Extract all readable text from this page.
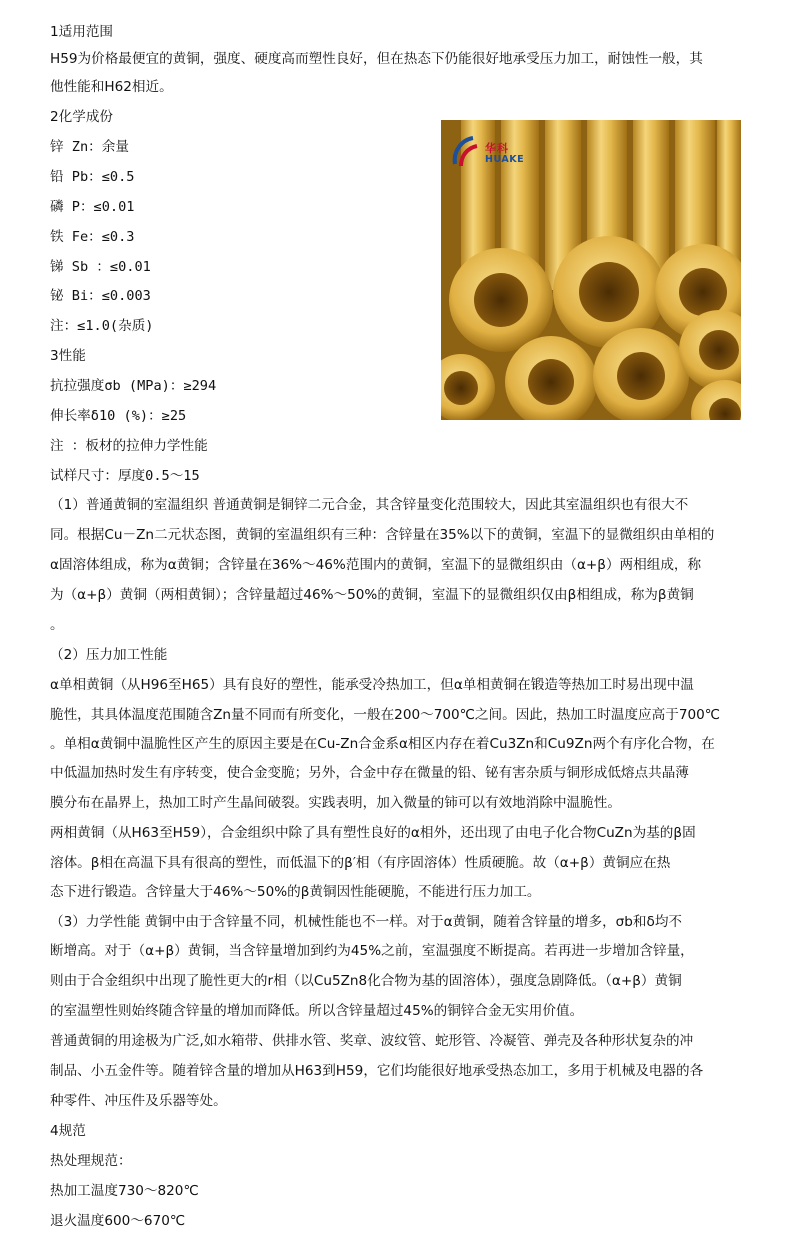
1适用范围
H59为价格最便宜的黄铜，强度、硬度高而塑性良好，但在热态下仍能很好地承受压力加工，耐蚀性一般，其
他性能和H62相近。
2化学成份
锌 Zn：余量
铅 Pb：≤0.5
磷 P：≤0.01
铁 Fe：≤0.3
锑 Sb ：≤0.01
铋 Bi：≤0.003
注：≤1.0(杂质)
3性能
抗拉强度σb (MPa)：≥294
伸长率δ10 (%)：≥25
注 ：板材的拉伸力学性能
试样尺寸：厚度0.5～15
（1）普通黄铜的室温组织 普通黄铜是铜锌二元合金，其含锌量变化范围较大，因此其室温组织也有很大不
同。根据Cu－Zn二元状态图，黄铜的室温组织有三种：含锌量在35%以下的黄铜，室温下的显微组织由单相的
α固溶体组成，称为α黄铜；含锌量在36%～46%范围内的黄铜，室温下的显微组织由（α+β）两相组成，称
为（α+β）黄铜（两相黄铜）；含锌量超过46%～50%的黄铜，室温下的显微组织仅由β相组成，称为β黄铜
。
（2）压力加工性能
α单相黄铜（从H96至H65）具有良好的塑性，能承受冷热加工，但α单相黄铜在锻造等热加工时易出现中温
脆性，其具体温度范围随含Zn量不同而有所变化，一般在200～700℃之间。因此，热加工时温度应高于700℃
。单相α黄铜中温脆性区产生的原因主要是在Cu-Zn合金系α相区内存在着Cu3Zn和Cu9Zn两个有序化合物，在
中低温加热时发生有序转变，使合金变脆；另外，合金中存在微量的铅、铋有害杂质与铜形成低熔点共晶薄
膜分布在晶界上，热加工时产生晶间破裂。实践表明，加入微量的铈可以有效地消除中温脆性。
两相黄铜（从H63至H59），合金组织中除了具有塑性良好的α相外，还出现了由电子化合物CuZn为基的β固
溶体。β相在高温下具有很高的塑性，而低温下的β′相（有序固溶体）性质硬脆。故（α+β）黄铜应在热
态下进行锻造。含锌量大于46%～50%的β黄铜因性能硬脆，不能进行压力加工。
（3）力学性能 黄铜中由于含锌量不同，机械性能也不一样。对于α黄铜，随着含锌量的增多，σb和δ均不
断增高。对于（α+β）黄铜，当含锌量增加到约为45%之前，室温强度不断提高。若再进一步增加含锌量，
则由于合金组织中出现了脆性更大的r相（以Cu5Zn8化合物为基的固溶体），强度急剧降低。（α+β）黄铜
的室温塑性则始终随含锌量的增加而降低。所以含锌量超过45%的铜锌合金无实用价值。
普通黄铜的用途极为广泛,如水箱带、供排水管、奖章、波纹管、蛇形管、冷凝管、弹壳及各种形状复杂的冲
制品、小五金件等。随着锌含量的增加从H63到H59，它们均能很好地承受热态加工，多用于机械及电器的各
种零件、冲压件及乐器等处。
4规范
热处理规范：
热加工温度730～820℃
退火温度600～670℃
华科
HUAKE
